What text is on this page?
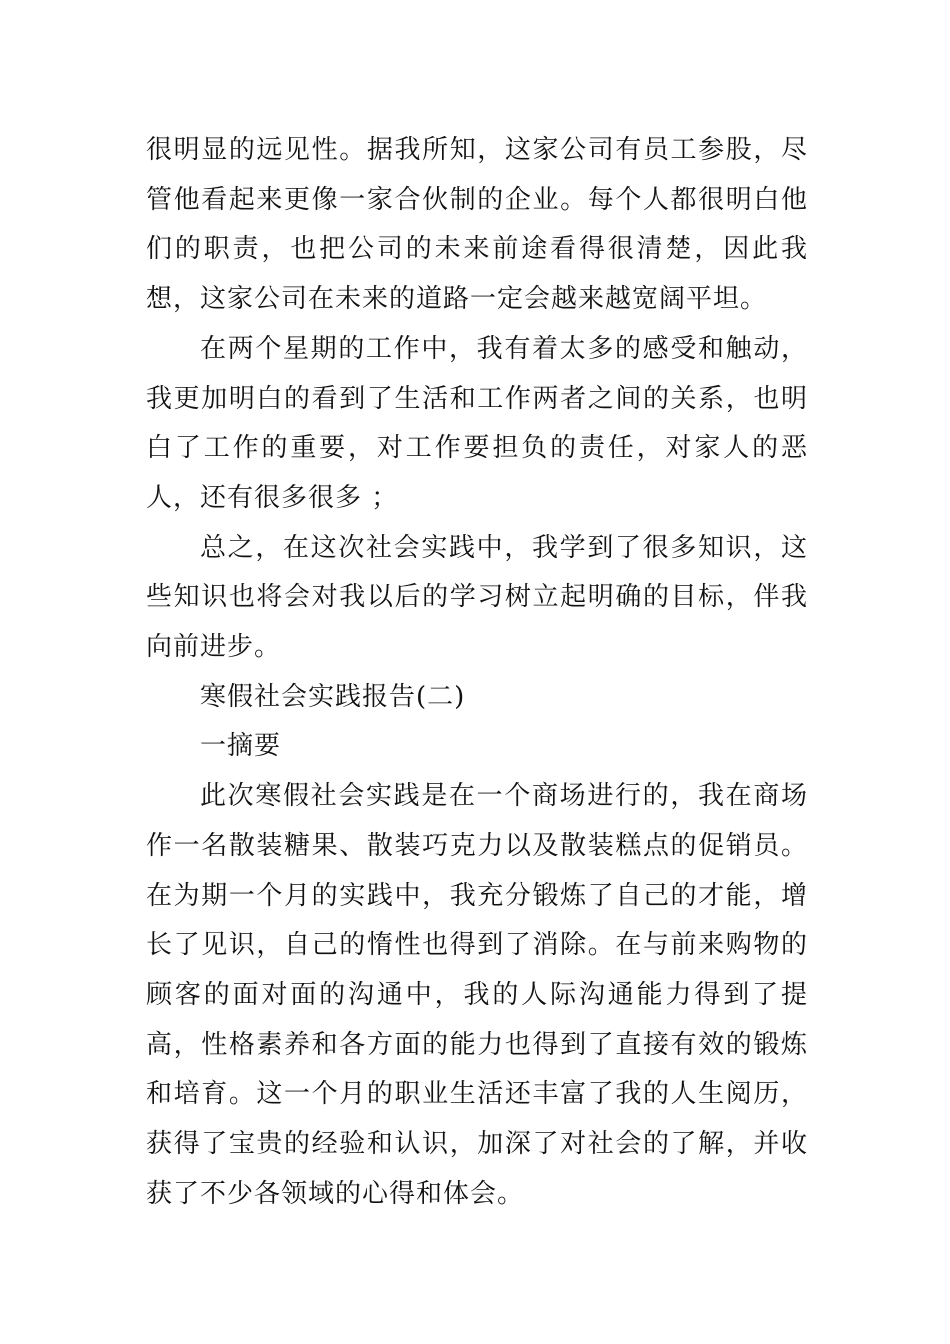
很明显的远见性。据我所知，这家公司有员工参股，尽管他看起来更像一家合伙制的企业。每个人都很明白他们的职责，也把公司的未来前途看得很清楚，因此我想，这家公司在未来的道路一定会越来越宽阔平坦。

在两个星期的工作中，我有着太多的感受和触动，我更加明白的看到了生活和工作两者之间的关系，也明白了工作的重要，对工作要担负的责任，对家人的恶人，还有很多很多 ；

总之，在这次社会实践中，我学到了很多知识，这些知识也将会对我以后的学习树立起明确的目标，伴我向前进步。

寒假社会实践报告(二)

一摘要

此次寒假社会实践是在一个商场进行的，我在商场作一名散装糖果、散装巧克力以及散装糕点的促销员。在为期一个月的实践中，我充分锻炼了自己的才能，增长了见识，自己的惰性也得到了消除。在与前来购物的顾客的面对面的沟通中，我的人际沟通能力得到了提高，性格素养和各方面的能力也得到了直接有效的锻炼和培育。这一个月的职业生活还丰富了我的人生阅历，获得了宝贵的经验和认识，加深了对社会的了解，并收获了不少各领域的心得和体会。
